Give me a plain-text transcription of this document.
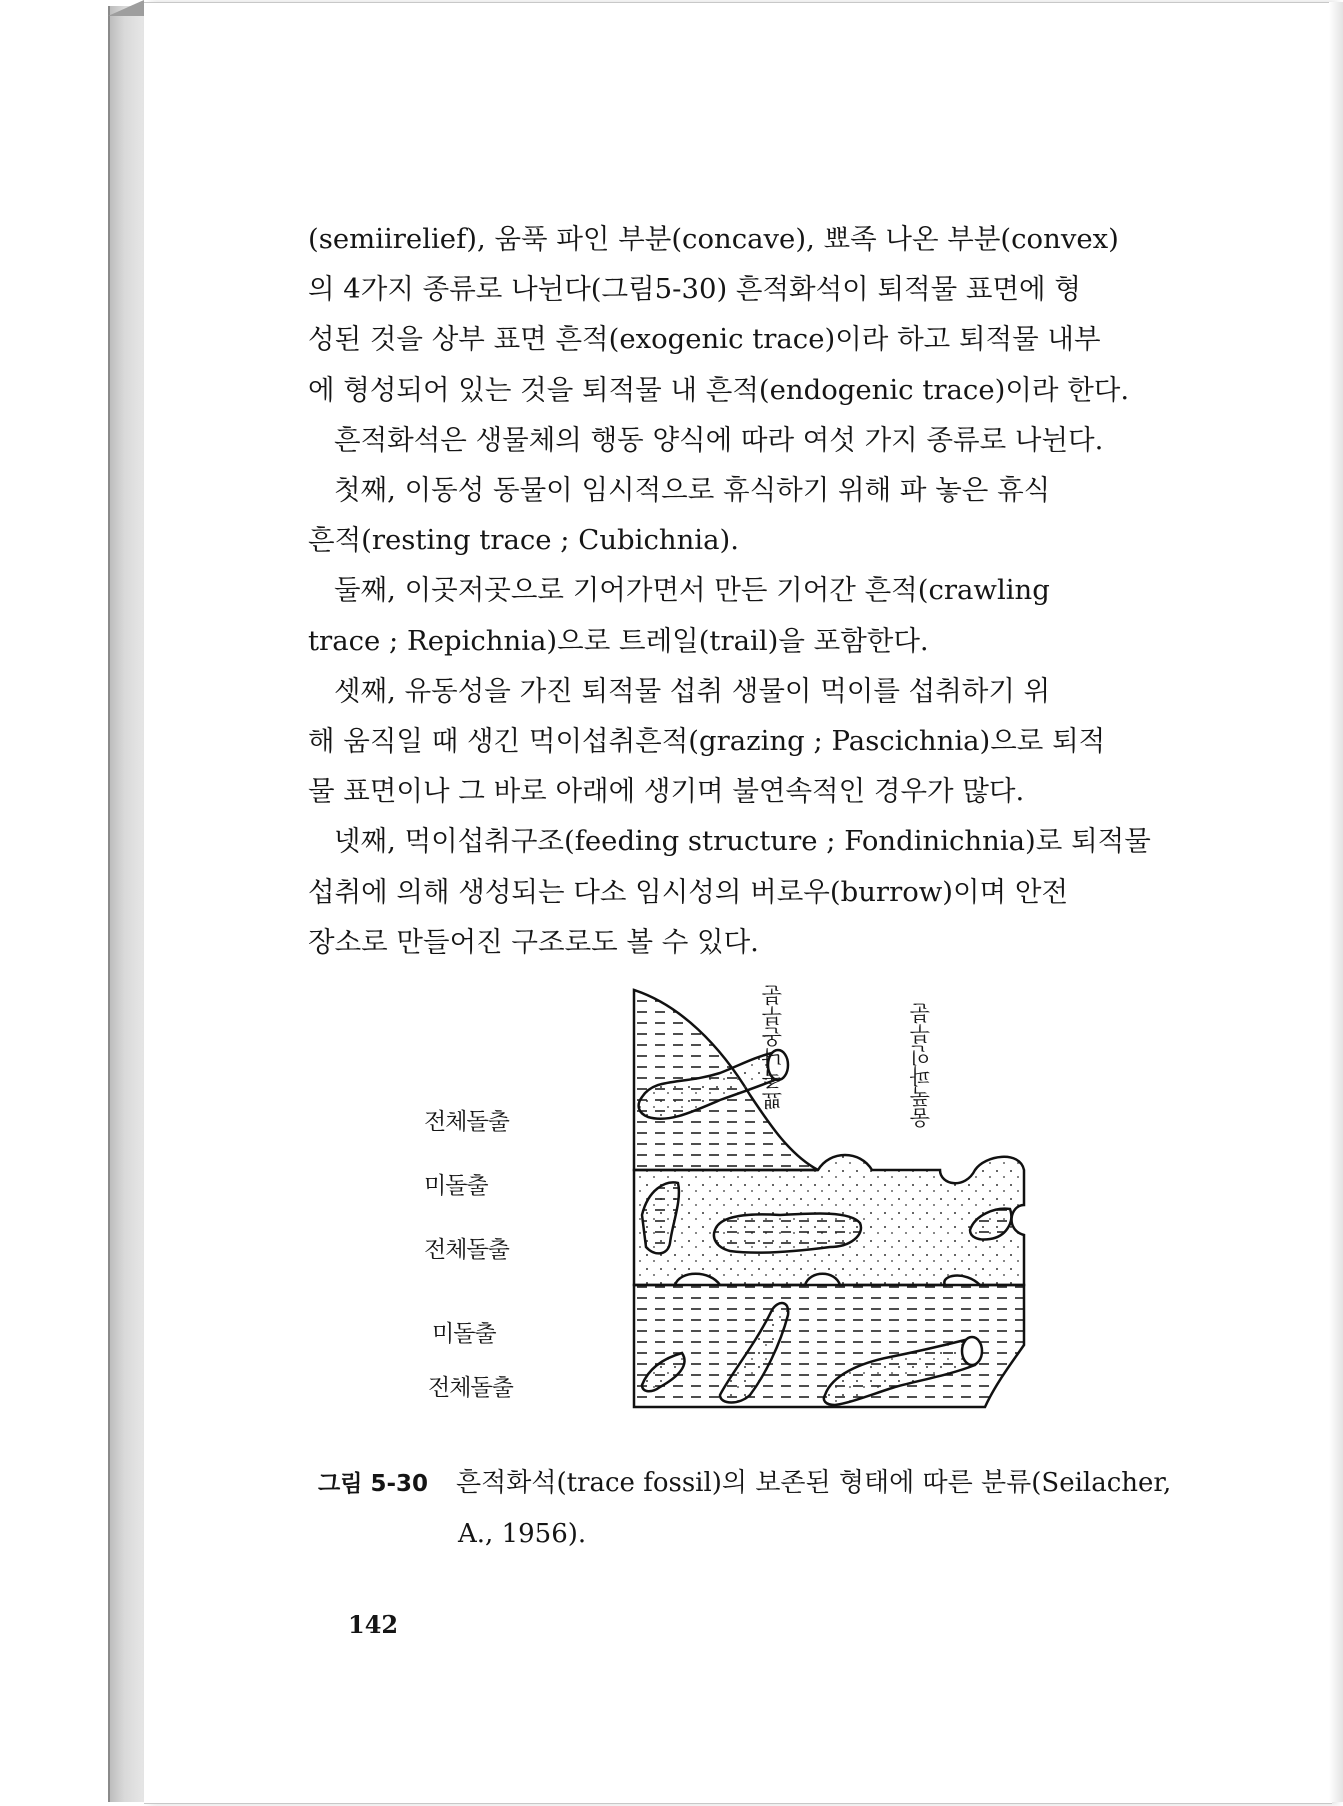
(semiirelief), 움푹 파인 부분(concave), 뾰족 나온 부분(convex)

의 4가지 종류로 나뉜다(그림5-30) 흔적화석이 퇴적물 표면에 형

성된 것을 상부 표면 흔적(exogenic trace)이라 하고 퇴적물 내부

에 형성되어 있는 것을 퇴적물 내 흔적(endogenic trace)이라 한다.

흔적화석은 생물체의 행동 양식에 따라 여섯 가지 종류로 나뉜다.

첫째, 이동성 동물이 임시적으로 휴식하기 위해 파 놓은 휴식

흔적(resting trace ; Cubichnia).

둘째, 이곳저곳으로 기어가면서 만든 기어간 흔적(crawling

trace ; Repichnia)으로 트레일(trail)을 포함한다.

셋째, 유동성을 가진 퇴적물 섭취 생물이 먹이를 섭취하기 위

해 움직일 때 생긴 먹이섭취흔적(grazing ; Pascichnia)으로 퇴적

물 표면이나 그 바로 아래에 생기며 불연속적인 경우가 많다.

넷째, 먹이섭취구조(feeding structure ; Fondinichnia)로 퇴적물

섭취에 의해 생성되는 다소 임시성의 버로우(burrow)이며 안전

장소로 만들어진 구조로도 볼 수 있다.

전체돌출
미돌출
전체돌출
미돌출
전체돌출
뾰족나온부분	움푹파인부분
그림 5-30 흔적화석(trace fossil)의 보존된 형태에 따른 분류(Seilacher,
A., 1956).
142
